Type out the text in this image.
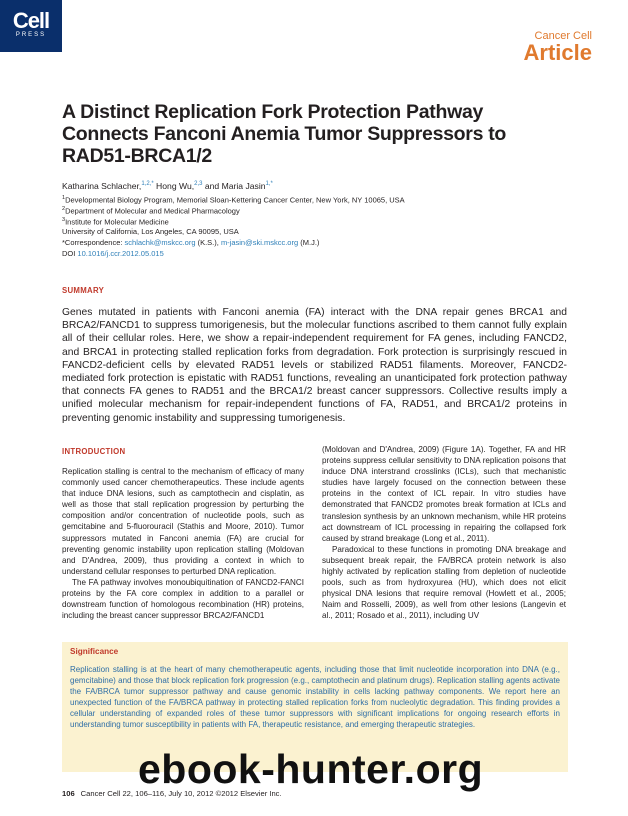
Cell
PRESS	Cancer Cell
Article
A Distinct Replication Fork Protection Pathway Connects Fanconi Anemia Tumor Suppressors to RAD51-BRCA1/2
Katharina Schlacher,$^{1,2,*}$ Hong Wu,$^{2,3}$ and Maria Jasin$^{1,*}$
$^1$Developmental Biology Program, Memorial Sloan-Kettering Cancer Center, New York, NY 10065, USA
$^2$Department of Molecular and Medical Pharmacology
$^3$Institute for Molecular Medicine
University of California, Los Angeles, CA 90095, USA
*Correspondence: schlachk@mskcc.org (K.S.), m-jasin@ski.mskcc.org (M.J.)
DOI 10.1016/j.ccr.2012.05.015
SUMMARY

Genes mutated in patients with Fanconi anemia (FA) interact with the DNA repair genes BRCA1 and BRCA2/FANCD1 to suppress tumorigenesis, but the molecular functions ascribed to them cannot fully explain all of their cellular roles. Here, we show a repair-independent requirement for FA genes, including FANCD2, and BRCA1 in protecting stalled replication forks from degradation. Fork protection is surprisingly rescued in FANCD2-deficient cells by elevated RAD51 levels or stabilized RAD51 filaments. Moreover, FANCD2-mediated fork protection is epistatic with RAD51 functions, revealing an unanticipated fork protection pathway that connects FA genes to RAD51 and the BRCA1/2 breast cancer suppressors. Collective results imply a unified molecular mechanism for repair-independent functions of FA, RAD51, and BRCA1/2 proteins in preventing genomic instability and suppressing tumorigenesis.

INTRODUCTION

Replication stalling is central to the mechanism of efficacy of many commonly used cancer chemotherapeutics. These include agents that induce DNA lesions, such as camptothecin and cisplatin, as well as those that stall replication progression by perturbing the composition and/or concentration of nucleotide pools, such as gemcitabine and 5-fluorouracil (Stathis and Moore, 2010). Tumor suppressors mutated in Fanconi anemia (FA) are crucial for preventing genomic instability upon replication stalling (Moldovan and D'Andrea, 2009), thus providing a context in which to understand cellular responses to perturbed DNA replication.

The FA pathway involves monoubiquitination of FANCD2-FANCI proteins by the FA core complex in addition to a parallel or downstream function of homologous recombination (HR) proteins, including the breast cancer suppressor BRCA2/FANCD1

(Moldovan and D'Andrea, 2009) (Figure 1A). Together, FA and HR proteins suppress cellular sensitivity to DNA replication poisons that induce DNA interstrand crosslinks (ICLs), such that mechanistic studies have largely focused on the connection between these proteins in the context of ICL repair. In vitro studies have demonstrated that FANCD2 promotes break formation at ICLs and translesion synthesis by an unknown mechanism, while HR proteins act downstream of ICL processing in repairing the collapsed fork caused by strand breakage (Long et al., 2011).

Paradoxical to these functions in promoting DNA breakage and subsequent break repair, the FA/BRCA protein network is also highly activated by replication stalling from depletion of nucleotide pools, such as from hydroxyurea (HU), which does not elicit physical DNA lesions that require removal (Howlett et al., 2005; Naim and Rosselli, 2009), as well from other lesions (Langevin et al., 2011; Rosado et al., 2011), including UV

Significance

Replication stalling is at the heart of many chemotherapeutic agents, including those that limit nucleotide incorporation into DNA (e.g., gemcitabine) and those that block replication fork progression (e.g., camptothecin and platinum drugs). Replication stalling agents activate the FA/BRCA tumor suppressor pathway and cause genomic instability in cells lacking pathway components. We report here an unexpected function of the FA/BRCA pathway in protecting stalled replication forks from nucleolytic degradation. This finding provides a cellular understanding of expanded roles of these tumor suppressors with significant implications for ongoing research efforts in understanding tumor susceptibility in patients with FA, therapeutic resistance, and emerging therapeutic strategies.

106 Cancer Cell 22, 106–116, July 10, 2012 ©2012 Elsevier Inc.
ebook-hunter.org
